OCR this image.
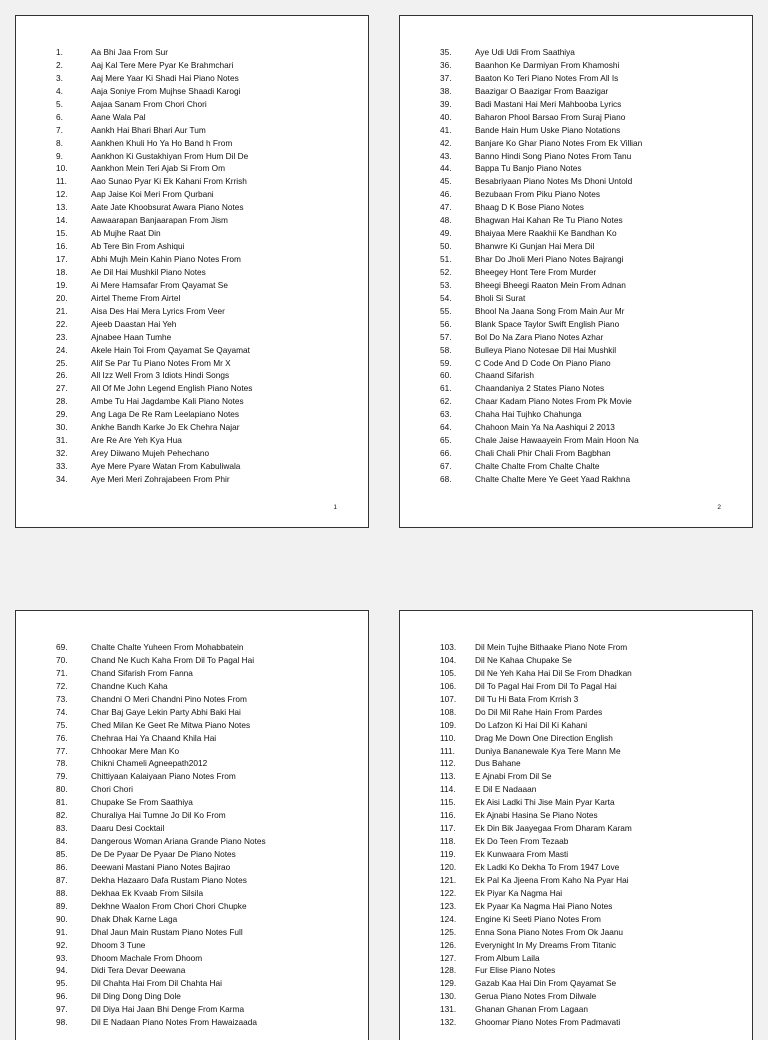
1.	Aa Bhi Jaa From Sur
2.	Aaj Kal Tere Mere Pyar Ke Brahmchari
3.	Aaj Mere Yaar Ki Shadi Hai Piano Notes
4.	Aaja Soniye From Mujhse Shaadi Karogi
5.	Aajaa Sanam From Chori Chori
6.	Aane Wala Pal
7.	Aankh Hai Bhari Bhari Aur Tum
8.	Aankhen Khuli Ho Ya Ho Band h From
9.	Aankhon Ki Gustakhiyan From Hum Dil De
10.	Aankhon Mein Teri Ajab Si From Om
11.	Aao Sunao Pyar Ki Ek Kahani From Krrish
12.	Aap Jaise Koi Meri From Qurbani
13.	Aate Jate Khoobsurat Awara Piano Notes
14.	Aawaarapan Banjaarapan From Jism
15.	Ab Mujhe Raat Din
16.	Ab Tere Bin From Ashiqui
17.	Abhi Mujh Mein Kahin Piano Notes From
18.	Ae Dil Hai Mushkil Piano Notes
19.	Ai Mere Hamsafar From Qayamat Se
20.	Airtel Theme From Airtel
21.	Aisa Des Hai Mera Lyrics From Veer
22.	Ajeeb Daastan Hai Yeh
23.	Ajnabee Haan Tumhe
24.	Akele Hain Toi From Qayamat Se Qayamat
25.	Alif Se Par Tu Piano Notes From Mr X
26.	All Izz Well From 3 Idiots Hindi Songs
27.	All Of Me John Legend English Piano Notes
28.	Ambe Tu Hai Jagdambe Kali Piano Notes
29.	Ang Laga De Re Ram Leelapiano Notes
30.	Ankhe Bandh Karke Jo Ek Chehra Najar
31.	Are Re Are Yeh Kya Hua
32.	Arey Diiwano Mujeh Pehechano
33.	Aye Mere Pyare Watan From Kabuliwala
34.	Aye Meri Meri Zohrajabeen From Phir
1
35.	Aye Udi Udi From Saathiya
36.	Baanhon Ke Darmiyan From Khamoshi
37.	Baaton Ko Teri Piano Notes From All Is
38.	Baazigar O Baazigar From Baazigar
39.	Badi Mastani Hai Meri Mahbooba Lyrics
40.	Baharon Phool Barsao From Suraj Piano
41.	Bande Hain Hum Uske Piano Notations
42.	Banjare Ko Ghar Piano Notes From Ek Villian
43.	Banno Hindi Song Piano Notes From Tanu
44.	Bappa Tu Banjo Piano Notes
45.	Besabriyaan Piano Notes Ms Dhoni Untold
46.	Bezubaan From Piku Piano Notes
47.	Bhaag D K Bose Piano Notes
48.	Bhagwan Hai Kahan Re Tu Piano Notes
49.	Bhaiyaa Mere Raakhii Ke Bandhan Ko
50.	Bhanwre Ki Gunjan Hai Mera Dil
51.	Bhar Do Jholi Meri Piano Notes Bajrangi
52.	Bheegey Hont Tere From Murder
53.	Bheegi Bheegi Raaton Mein From Adnan
54.	Bholi Si Surat
55.	Bhool Na Jaana Song From Main Aur Mr
56.	Blank Space Taylor Swift English Piano
57.	Bol Do Na Zara Piano Notes Azhar
58.	Bulleya Piano Notesae Dil Hai Mushkil
59.	C Code And D Code On Piano Piano
60.	Chaand Sifarish
61.	Chaandaniya 2 States Piano Notes
62.	Chaar Kadam Piano Notes From Pk Movie
63.	Chaha Hai Tujhko Chahunga
64.	Chahoon Main Ya Na Aashiqui 2 2013
65.	Chale Jaise Hawaayein From Main Hoon Na
66.	Chali Chali Phir Chali From Bagbhan
67.	Chalte Chalte From Chalte Chalte
68.	Chalte Chalte Mere Ye Geet Yaad Rakhna
2
69.	Chalte Chalte Yuheen From Mohabbatein
70.	Chand Ne Kuch Kaha From Dil To Pagal Hai
71.	Chand Sifarish From Fanna
72.	Chandne Kuch Kaha
73.	Chandni O Meri Chandni Pino Notes From
74.	Char Baj Gaye Lekin Party Abhi Baki Hai
75.	Ched Milan Ke Geet Re Mitwa Piano Notes
76.	Chehraa Hai Ya Chaand Khila Hai
77.	Chhookar Mere Man Ko
78.	Chikni Chameli Agneepath2012
79.	Chittiyaan Kalaiyaan Piano Notes From
80.	Chori Chori
81.	Chupake Se From Saathiya
82.	Churaliya Hai Tumne Jo Dil Ko From
83.	Daaru Desi Cocktail
84.	Dangerous Woman Ariana Grande Piano Notes
85.	De De Pyaar De Pyaar De Piano Notes
86.	Deewani Mastani Piano Notes Bajirao
87.	Dekha Hazaaro Dafa Rustam Piano Notes
88.	Dekhaa Ek Kvaab From Silsila
89.	Dekhne Waalon From Chori Chori Chupke
90.	Dhak Dhak Karne Laga
91.	Dhal Jaun Main Rustam Piano Notes Full
92.	Dhoom 3 Tune
93.	Dhoom Machale From Dhoom
94.	Didi Tera Devar Deewana
95.	Dil Chahta Hai From Dil Chahta Hai
96.	Dil Ding Dong Ding Dole
97.	Dil Diya Hai Jaan Bhi Denge From Karma
98.	Dil E Nadaan Piano Notes From Hawaizaada
103.	Dil Mein Tujhe Bithaake Piano Note From
104.	Dil Ne Kahaa Chupake Se
105.	Dil Ne Yeh Kaha Hai Dil Se From Dhadkan
106.	Dil To Pagal Hai From Dil To Pagal Hai
107.	Dil Tu Hi Bata From Krrish 3
108.	Do Dil Mil Rahe Hain From Pardes
109.	Do Lafzon Ki Hai Dil Ki Kahani
110.	Drag Me Down One Direction English
111.	Duniya Bananewale Kya Tere Mann Me
112.	Dus Bahane
113.	E Ajnabi From Dil Se
114.	E Dil E Nadaaan
115.	Ek Aisi Ladki Thi Jise Main Pyar Karta
116.	Ek Ajnabi Hasina Se Piano Notes
117.	Ek Din Bik Jaayegaa From Dharam Karam
118.	Ek Do Teen From Tezaab
119.	Ek Kunwaara From Masti
120.	Ek Ladki Ko Dekha To From 1947 Love
121.	Ek Pal Ka Jjeena From Kaho Na Pyar Hai
122.	Ek Piyar Ka Nagma Hai
123.	Ek Pyaar Ka Nagma Hai Piano Notes
124.	Engine Ki Seeti Piano Notes From
125.	Enna Sona Piano Notes From Ok Jaanu
126.	Everynight In My Dreams From Titanic
127.	From Album Laila
128.	Fur Elise Piano Notes
129.	Gazab Kaa Hai Din From Qayamat Se
130.	Gerua Piano Notes From Dilwale
131.	Ghanan Ghanan From Lagaan
132.	Ghoomar Piano Notes From Padmavati
